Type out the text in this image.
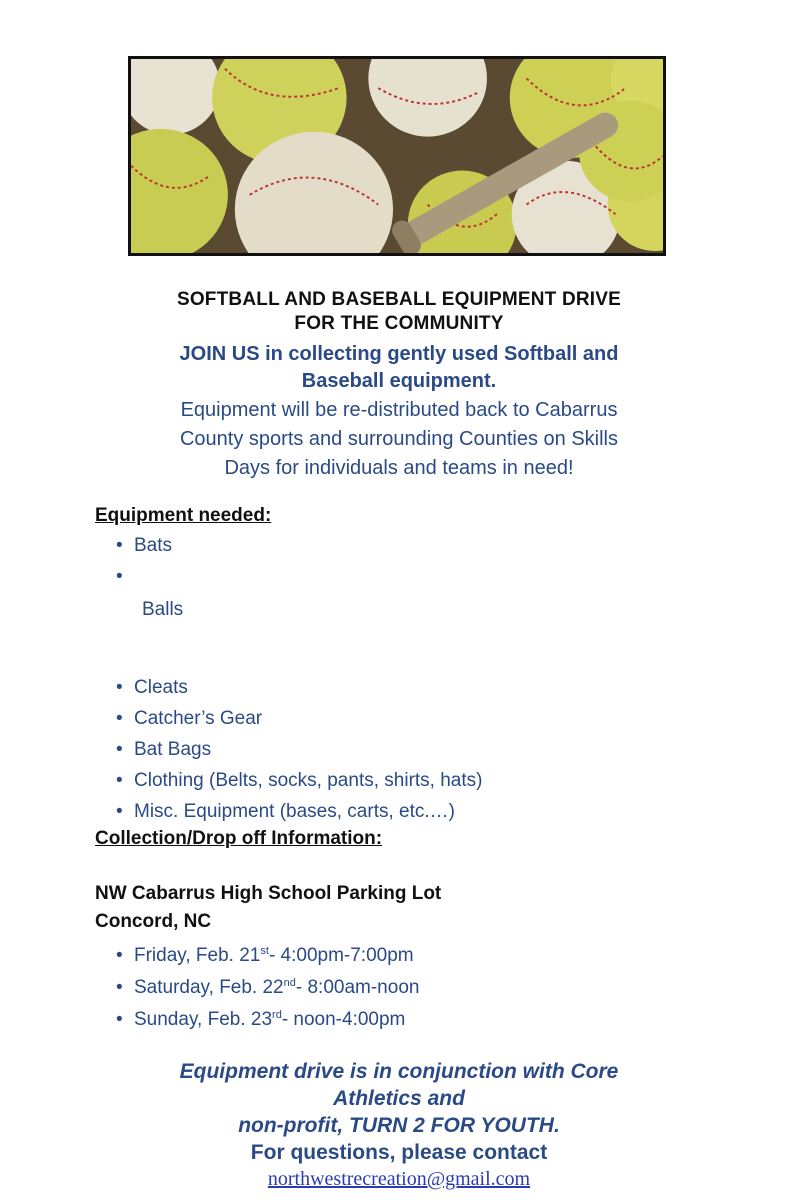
SOFTBALL AND BASEBALL EQUIPMENT DRIVE
FOR THE COMMUNITY
JOIN US in collecting gently used Softball and
Baseball equipment.
Equipment will be re-distributed back to Cabarrus
County sports and surrounding Counties on Skills
Days for individuals and teams in need!
Equipment needed:
• Bats
•
Balls
• Cleats
• Catcher’s Gear
• Bat Bags
• Clothing (Belts, socks, pants, shirts, hats)
• Misc. Equipment (bases, carts, etc.…)
Collection/Drop off Information:
NW Cabarrus High School Parking Lot
Concord, NC
• Friday, Feb. 21st- 4:00pm-7:00pm
• Saturday, Feb. 22nd- 8:00am-noon
• Sunday, Feb. 23rd- noon-4:00pm
Equipment drive is in conjunction with Core
Athletics and
non-profit, TURN 2 FOR YOUTH.
For questions, please contact
northwestrecreation@gmail.com
